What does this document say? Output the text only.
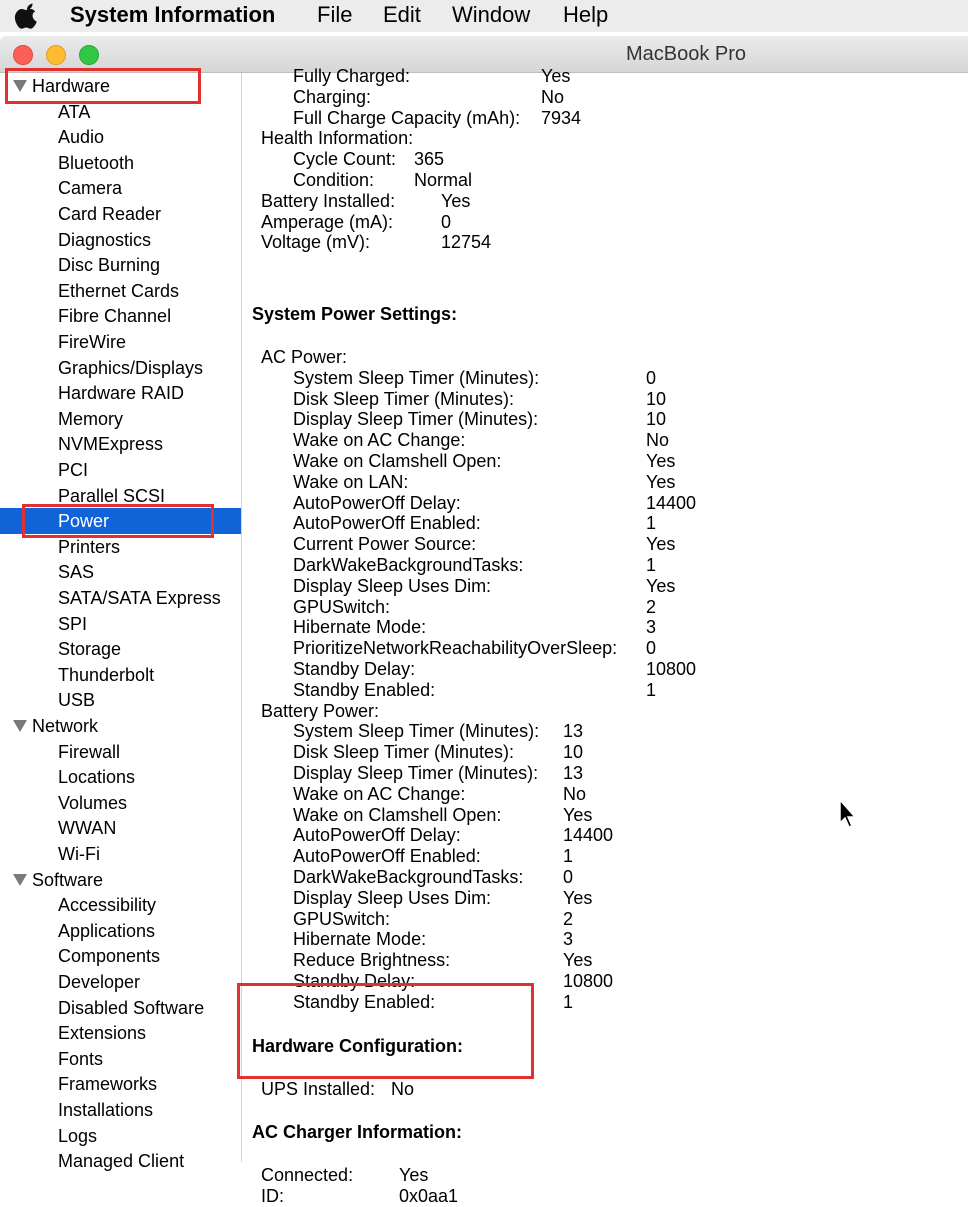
System Information File Edit Window Help
MacBook Pro
Hardware
ATA
Audio
Bluetooth
Camera
Card Reader
Diagnostics
Disc Burning
Ethernet Cards
Fibre Channel
FireWire
Graphics/Displays
Hardware RAID
Memory
NVMExpress
PCI
Parallel SCSI
Power
Printers
SAS
SATA/SATA Express
SPI
Storage
Thunderbolt
USB
Network
Firewall
Locations
Volumes
WWAN
Wi-Fi
Software
Accessibility
Applications
Components
Developer
Disabled Software
Extensions
Fonts
Frameworks
Installations
Logs
Managed Client
Fully Charged:	Yes
Charging:	No
Full Charge Capacity (mAh): 7934
Health Information:
Cycle Count: 365
Condition: Normal
Battery Installed:	Yes
Amperage (mA):	0
Voltage (mV):	12754
System Power Settings:
AC Power:
System Sleep Timer (Minutes):	0
Disk Sleep Timer (Minutes):	10
Display Sleep Timer (Minutes):	10
Wake on AC Change:	No
Wake on Clamshell Open:	Yes
Wake on LAN:	Yes
AutoPowerOff Delay:	14400
AutoPowerOff Enabled:	1
Current Power Source:	Yes
DarkWakeBackgroundTasks:	1
Display Sleep Uses Dim:	Yes
GPUSwitch:	2
Hibernate Mode:	3
PrioritizeNetworkReachabilityOverSleep: 0
Standby Delay:	10800
Standby Enabled:	1
Battery Power:
System Sleep Timer (Minutes): 13
Disk Sleep Timer (Minutes):	10
Display Sleep Timer (Minutes): 13
Wake on AC Change:	No
Wake on Clamshell Open:	Yes
AutoPowerOff Delay:	14400
AutoPowerOff Enabled:	1
DarkWakeBackgroundTasks: 0
Display Sleep Uses Dim:	Yes
GPUSwitch:	2
Hibernate Mode:	3
Reduce Brightness:	Yes
Standby Delay:	10800
Standby Enabled:	1
Hardware Configuration:
UPS Installed: No
AC Charger Information:
Connected:	Yes
ID:	0x0aa1
